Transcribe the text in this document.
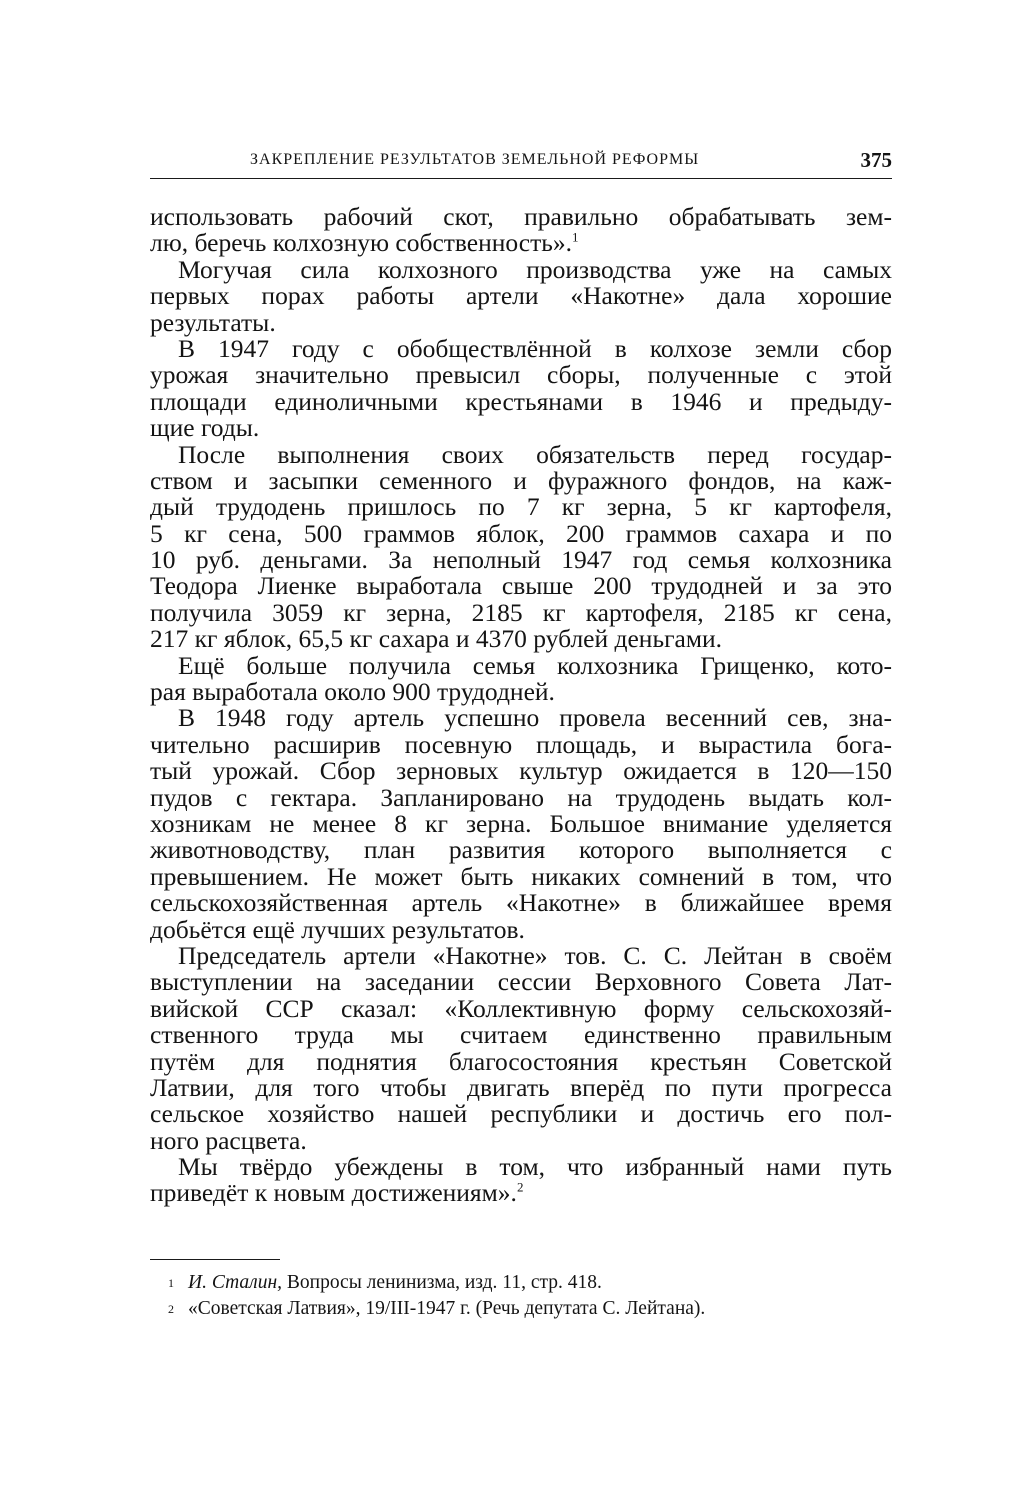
ЗАКРЕПЛЕНИЕ РЕЗУЛЬТАТОВ ЗЕМЕЛЬНОЙ РЕФОРМЫ	375
использовать рабочий скот, правильно обрабатывать зем-
лю, беречь колхозную собственность».$^1$
Могучая сила колхозного производства уже на самых
первых порах работы артели «Накотне» дала хорошие
результаты.
В 1947 году с обобществлённой в колхозе земли сбор
урожая значительно превысил сборы, полученные с этой
площади единоличными крестьянами в 1946 и предыду-
щие годы.
После выполнения своих обязательств перед государ-
ством и засыпки семенного и фуражного фондов, на каж-
дый трудодень пришлось по 7 кг зерна, 5 кг картофеля,
5 кг сена, 500 граммов яблок, 200 граммов сахара и по
10 руб. деньгами. За неполный 1947 год семья колхозника
Теодора Лиенке выработала свыше 200 трудодней и за это
получила 3059 кг зерна, 2185 кг картофеля, 2185 кг сена,
217 кг яблок, 65,5 кг сахара и 4370 рублей деньгами.
Ещё больше получила семья колхозника Грищенко, кото-
рая выработала около 900 трудодней.
В 1948 году артель успешно провела весенний сев, зна-
чительно расширив посевную площадь, и вырастила бога-
тый урожай. Сбор зерновых культур ожидается в 120—150
пудов с гектара. Запланировано на трудодень выдать кол-
хозникам не менее 8 кг зерна. Большое внимание уделяется
животноводству, план развития которого выполняется с
превышением. Не может быть никаких сомнений в том, что
сельскохозяйственная артель «Накотне» в ближайшее время
добьётся ещё лучших результатов.
Председатель артели «Накотне» тов. С. С. Лейтан в своём
выступлении на заседании сессии Верховного Совета Лат-
вийской ССР сказал: «Коллективную форму сельскохозяй-
ственного труда мы считаем единственно правильным
путём для поднятия благосостояния крестьян Советской
Латвии, для того чтобы двигать вперёд по пути прогресса
сельское хозяйство нашей республики и достичь его пол-
ного расцвета.
Мы твёрдо убеждены в том, что избранный нами путь
приведёт к новым достижениям».$^2$
$^1$ И. Сталин, Вопросы ленинизма, изд. 11, стр. 418.
$^2$ «Советская Латвия», 19/III-1947 г. (Речь депутата С. Лейтана).
